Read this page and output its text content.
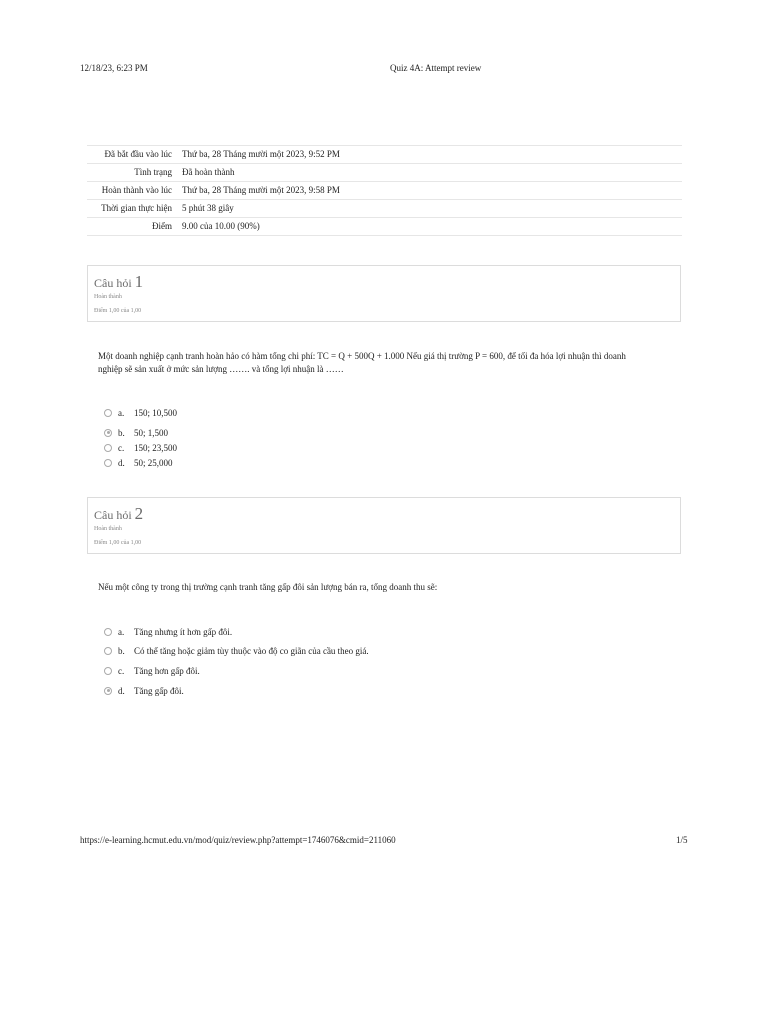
12/18/23, 6:23 PM	Quiz 4A: Attempt review
Đã bắt đầu vào lúc	Thứ ba, 28 Tháng mười một 2023, 9:52 PM
Tình trạng	Đã hoàn thành
Hoàn thành vào lúc	Thứ ba, 28 Tháng mười một 2023, 9:58 PM
Thời gian thực hiện	5 phút 38 giây
Điểm	9.00 của 10.00 (90%)
Câu hỏi 1
Hoàn thành
Điểm 1,00 của 1,00
Một doanh nghiệp cạnh tranh hoàn hảo có hàm tổng chi phí: TC = Q + 500Q + 1.000 Nếu giá thị trường P = 600, để tối đa hóa lợi nhuận thì doanh nghiệp sẽ sản xuất ở mức sản lượng ……. và tổng lợi nhuận là ……
a. 150; 10,500
b. 50; 1,500
c. 150; 23,500
d. 50; 25,000
Câu hỏi 2
Hoàn thành
Điểm 1,00 của 1,00
Nếu một công ty trong thị trường cạnh tranh tăng gấp đôi sản lượng bán ra, tổng doanh thu sẽ:
a. Tăng nhưng ít hơn gấp đôi.
b. Có thể tăng hoặc giảm tùy thuộc vào độ co giãn của cầu theo giá.
c. Tăng hơn gấp đôi.
d. Tăng gấp đôi.
https://e-learning.hcmut.edu.vn/mod/quiz/review.php?attempt=1746076&cmid=211060	1/5
